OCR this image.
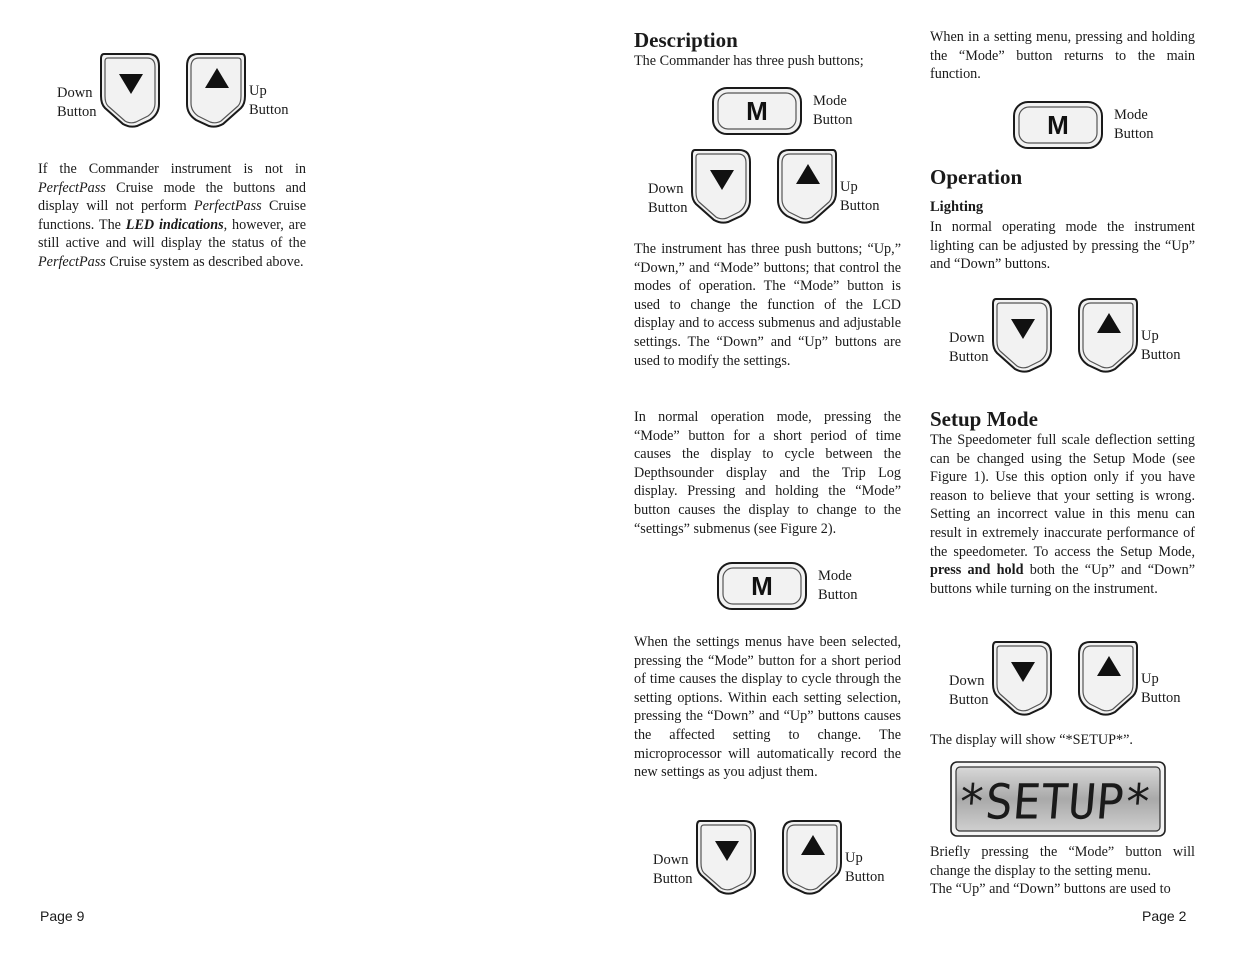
Down
Button
Up
Button

If the Commander instrument is not in PerfectPass Cruise mode the buttons and display will not perform PerfectPass Cruise functions. The LED indications, however, are still active and will display the status of the PerfectPass Cruise system as described above.

Page 9
Description
The Commander has three push buttons;
Mode
Button
Down
Button
Up
Button

The instrument has three push buttons; “Up,” “Down,” and “Mode” buttons; that control the modes of operation. The “Mode” button is used to change the function of the LCD display and to access submenus and adjustable settings. The “Down” and “Up” buttons are used to modify the settings.

In normal operation mode, pressing the “Mode” button for a short period of time causes the display to cycle between the Depthsounder display and the Trip Log display. Pressing and holding the “Mode” button causes the display to change to the “settings” submenus (see Figure 2).

Mode
Button

When the settings menus have been selected, pressing the “Mode” button for a short period of time causes the display to cycle through the setting options. Within each setting selection, pressing the “Down” and “Up” buttons causes the affected setting to change. The microprocessor will automatically record the new settings as you adjust them.

Down
Button
Up
Button

When in a setting menu, pressing and holding the “Mode” button returns to the main function.

Mode
Button
Operation
Lighting

In normal operating mode the instrument lighting can be adjusted by pressing the “Up” and “Down” buttons.

Down
Button
Up
Button
Setup Mode

The Speedometer full scale deflection setting can be changed using the Setup Mode (see Figure 1). Use this option only if you have reason to believe that your setting is wrong. Setting an incorrect value in this menu can result in extremely inaccurate performance of the speedometer. To access the Setup Mode, press and hold both the “Up” and “Down” buttons while turning on the instrument.

Down
Button
Up
Button
The display will show “*SETUP*”.
*SETUP*

Briefly pressing the “Mode” button will change the display to the setting menu.

The “Up” and “Down” buttons are used to

Page 2
